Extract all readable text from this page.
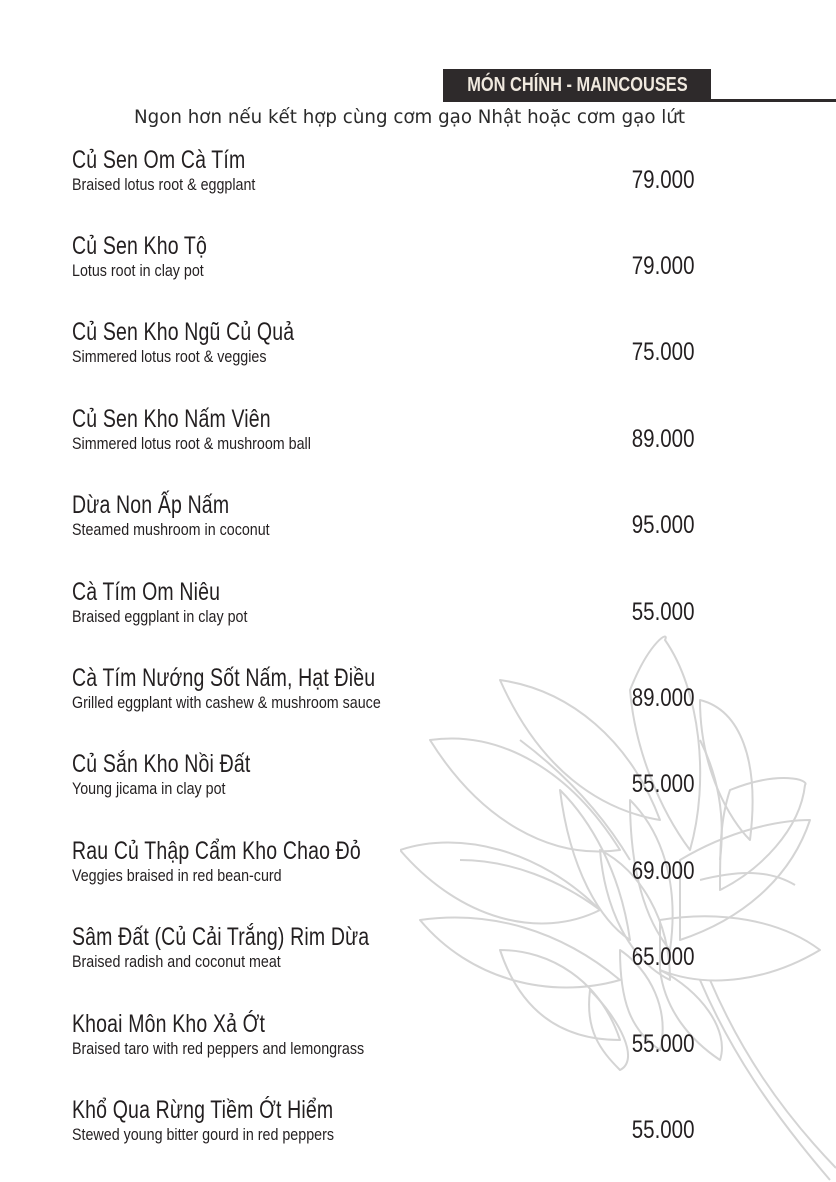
MÓN CHÍNH - MAINCOUSES
Ngon hơn nếu kết hợp cùng cơm gạo Nhật hoặc cơm gạo lứt
Củ Sen Om Cà Tím
Braised lotus root & eggplant	79.000
Củ Sen Kho Tộ
Lotus root in clay pot	79.000
Củ Sen Kho Ngũ Củ Quả
Simmered lotus root & veggies	75.000
Củ Sen Kho Nấm Viên
Simmered lotus root & mushroom ball	89.000
Dừa Non Ấp Nấm
Steamed mushroom in coconut	95.000
Cà Tím Om Niêu
Braised eggplant in clay pot	55.000
Cà Tím Nướng Sốt Nấm, Hạt Điều
Grilled eggplant with cashew & mushroom sauce	89.000
Củ Sắn Kho Nồi Đất
Young jicama in clay pot	55.000
Rau Củ Thập Cẩm Kho Chao Đỏ
Veggies braised in red bean-curd	69.000
Sâm Đất (Củ Cải Trắng) Rim Dừa
Braised radish and coconut meat	65.000
Khoai Môn Kho Xả Ớt
Braised taro with red peppers and lemongrass	55.000
Khổ Qua Rừng Tiềm Ớt Hiểm
Stewed young bitter gourd in red peppers	55.000
